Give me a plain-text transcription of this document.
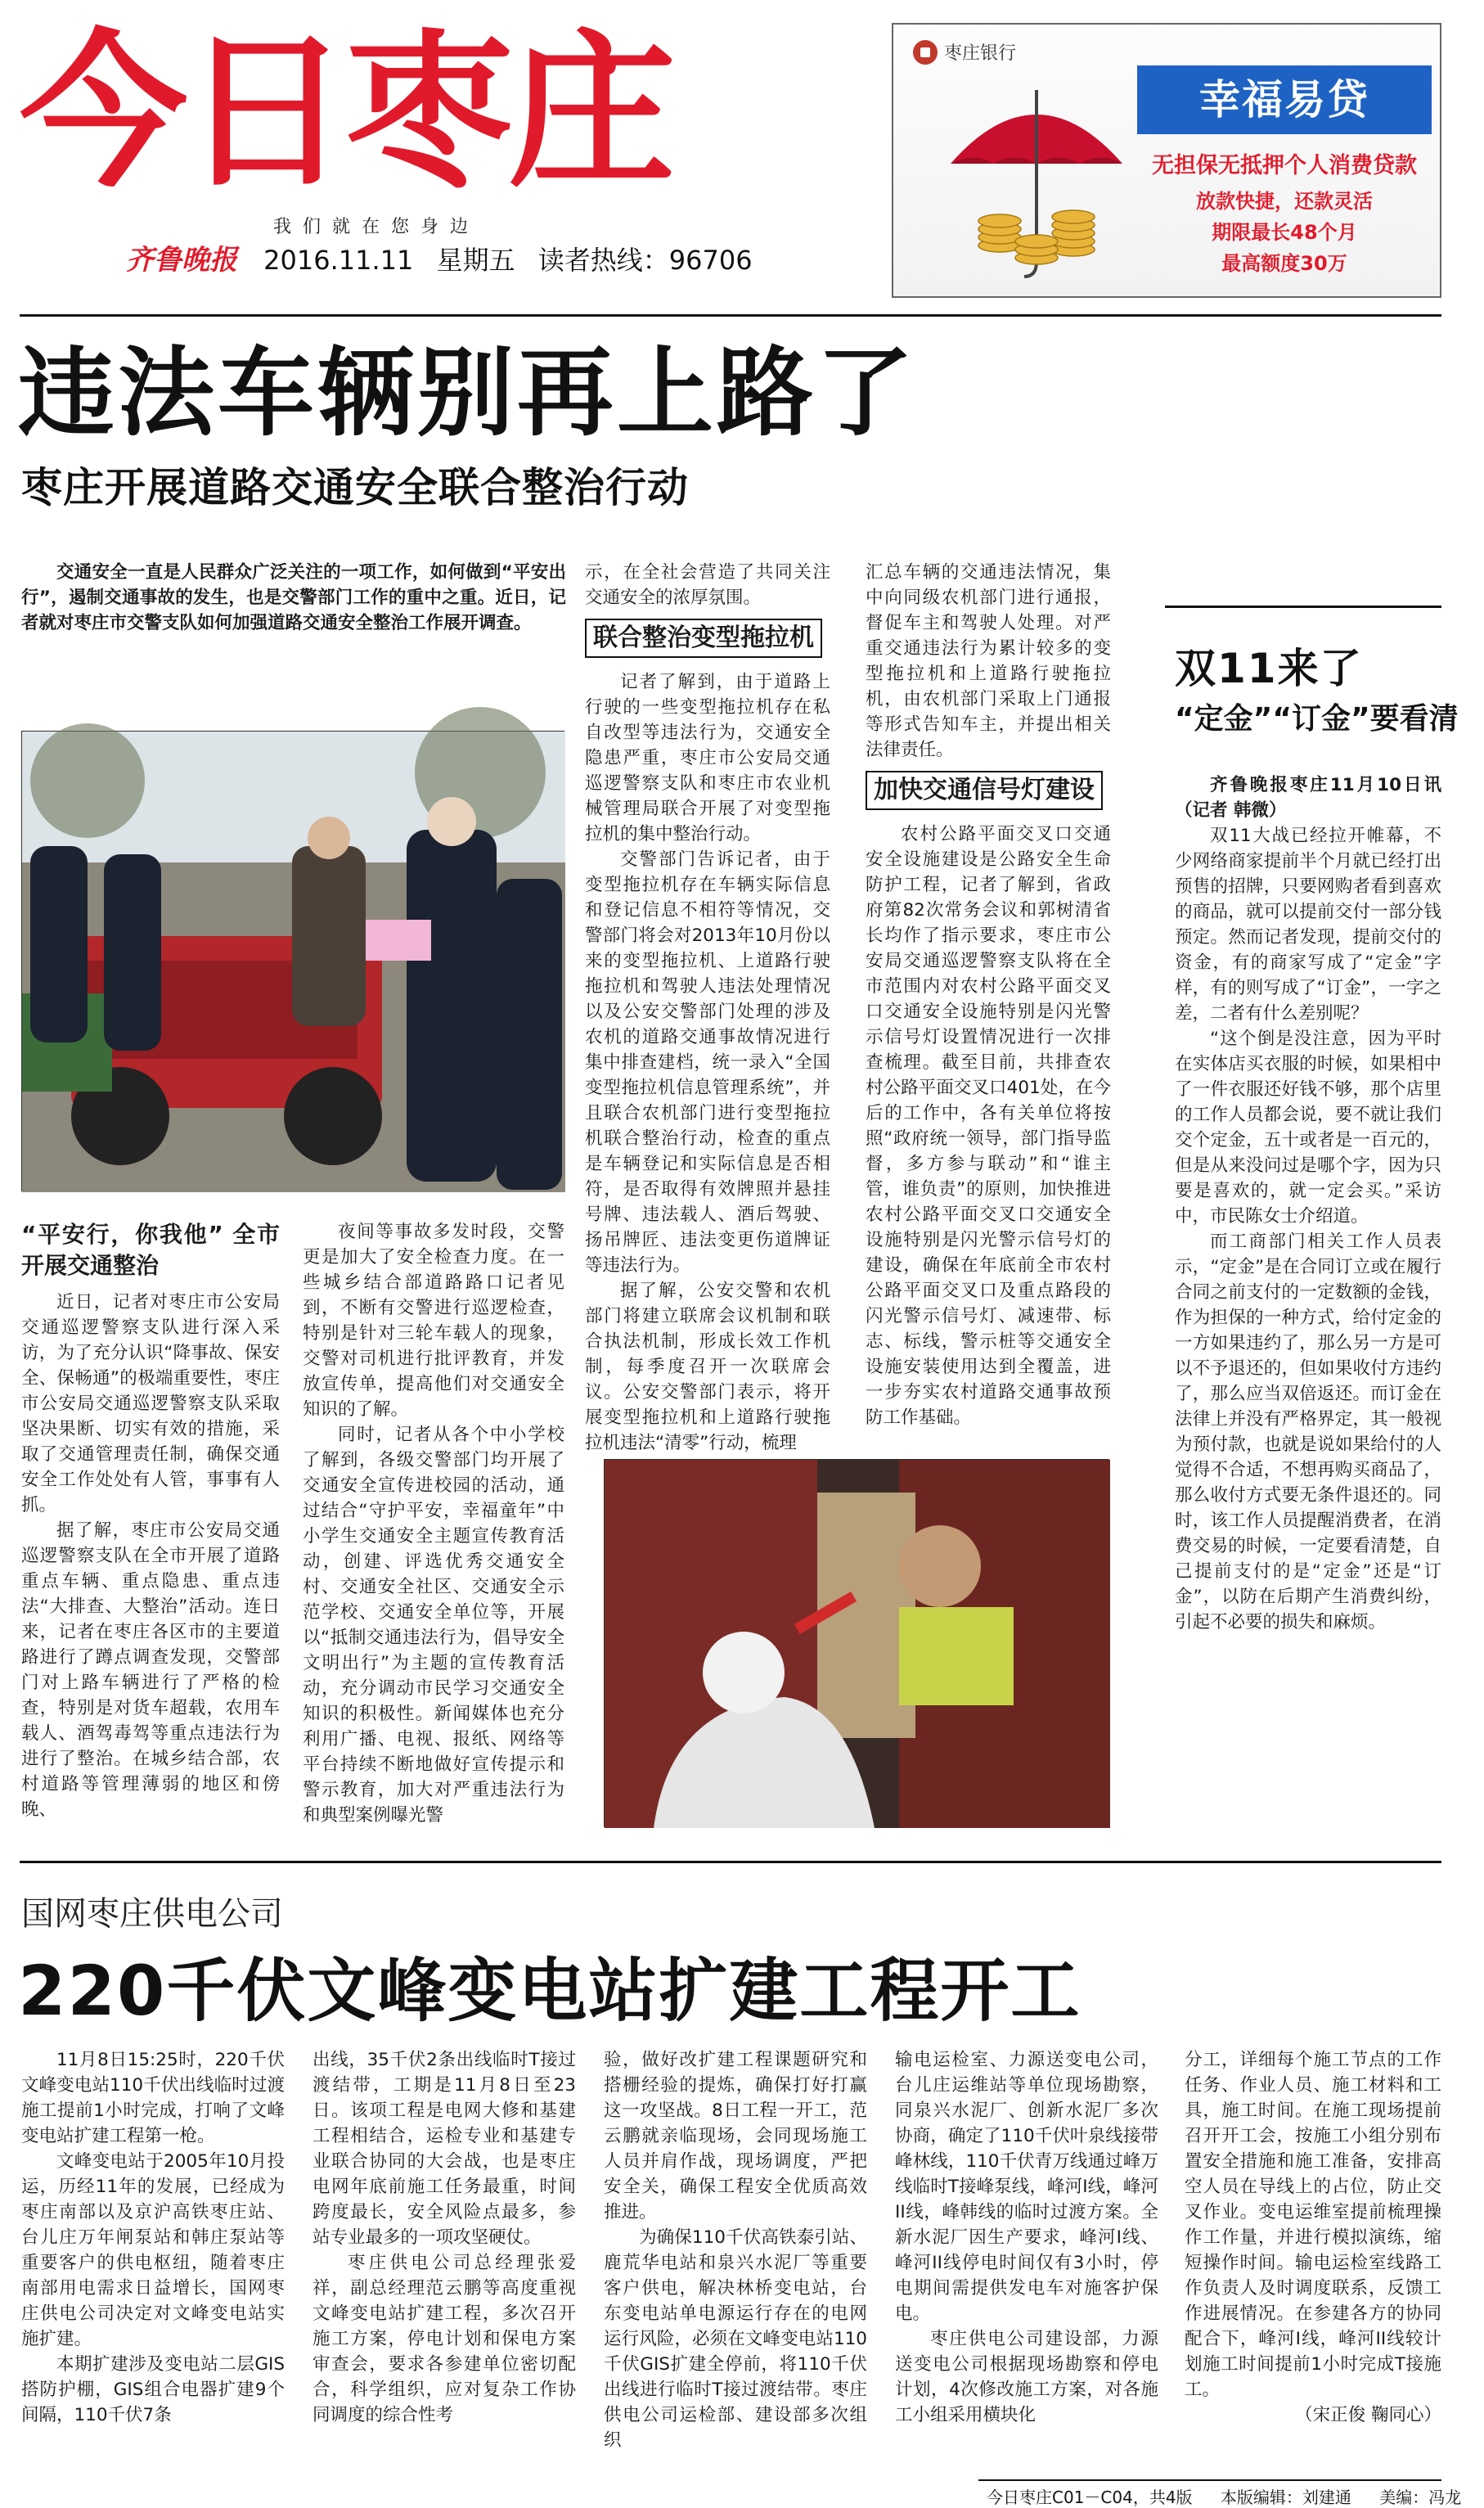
今日枣庄
我们就在您身边
齐鲁晚报 2016.11.11 星期五 读者热线：96706
枣庄银行
幸福易贷
无担保无抵押个人消费贷款
放款快捷，还款灵活
期限最长48个月
最高额度30万
违法车辆别再上路了
枣庄开展道路交通安全联合整治行动

交通安全一直是人民群众广泛关注的一项工作，如何做到“平安出行”，遏制交通事故的发生，也是交警部门工作的重中之重。近日，记者就对枣庄市交警支队如何加强道路交通安全整治工作展开调查。

“平安行，你我他” 全市开展交通整治

近日，记者对枣庄市公安局交通巡逻警察支队进行深入采访，为了充分认识“降事故、保安全、保畅通”的极端重要性，枣庄市公安局交通巡逻警察支队采取坚决果断、切实有效的措施，采取了交通管理责任制，确保交通安全工作处处有人管，事事有人抓。

据了解，枣庄市公安局交通巡逻警察支队在全市开展了道路重点车辆、重点隐患、重点违法“大排查、大整治”活动。连日来，记者在枣庄各区市的主要道路进行了蹲点调查发现，交警部门对上路车辆进行了严格的检查，特别是对货车超载，农用车载人、酒驾毒驾等重点违法行为进行了整治。在城乡结合部，农村道路等管理薄弱的地区和傍晚、

夜间等事故多发时段，交警更是加大了安全检查力度。在一些城乡结合部道路路口记者见到，不断有交警进行巡逻检查，特别是针对三轮车载人的现象，交警对司机进行批评教育，并发放宣传单，提高他们对交通安全知识的了解。

同时，记者从各个中小学校了解到，各级交警部门均开展了交通安全宣传进校园的活动，通过结合“守护平安，幸福童年”中小学生交通安全主题宣传教育活动，创建、评选优秀交通安全村、交通安全社区、交通安全示范学校、交通安全单位等，开展以“抵制交通违法行为，倡导安全文明出行”为主题的宣传教育活动，充分调动市民学习交通安全知识的积极性。新闻媒体也充分利用广播、电视、报纸、网络等平台持续不断地做好宣传提示和警示教育，加大对严重违法行为和典型案例曝光警

示，在全社会营造了共同关注交通安全的浓厚氛围。

联合整治变型拖拉机

记者了解到，由于道路上行驶的一些变型拖拉机存在私自改型等违法行为，交通安全隐患严重，枣庄市公安局交通巡逻警察支队和枣庄市农业机械管理局联合开展了对变型拖拉机的集中整治行动。

交警部门告诉记者，由于变型拖拉机存在车辆实际信息和登记信息不相符等情况，交警部门将会对2013年10月份以来的变型拖拉机、上道路行驶拖拉机和驾驶人违法处理情况以及公安交警部门处理的涉及农机的道路交通事故情况进行集中排查建档，统一录入“全国变型拖拉机信息管理系统”，并且联合农机部门进行变型拖拉机联合整治行动，检查的重点是车辆登记和实际信息是否相符，是否取得有效牌照并悬挂号牌、违法载人、酒后驾驶、扬吊牌匠、违法变更伤道牌证等违法行为。

据了解，公安交警和农机部门将建立联席会议机制和联合执法机制，形成长效工作机制，每季度召开一次联席会议。公安交警部门表示，将开展变型拖拉机和上道路行驶拖拉机违法“清零”行动，梳理

汇总车辆的交通违法情况，集中向同级农机部门进行通报，督促车主和驾驶人处理。对严重交通违法行为累计较多的变型拖拉机和上道路行驶拖拉机，由农机部门采取上门通报等形式告知车主，并提出相关法律责任。

加快交通信号灯建设

农村公路平面交叉口交通安全设施建设是公路安全生命防护工程，记者了解到，省政府第82次常务会议和郭树清省长均作了指示要求，枣庄市公安局交通巡逻警察支队将在全市范围内对农村公路平面交叉口交通安全设施特别是闪光警示信号灯设置情况进行一次排查梳理。截至目前，共排查农村公路平面交叉口401处，在今后的工作中，各有关单位将按照“政府统一领导，部门指导监督，多方参与联动”和“谁主管，谁负责”的原则，加快推进农村公路平面交叉口交通安全设施特别是闪光警示信号灯的建设，确保在年底前全市农村公路平面交叉口及重点路段的闪光警示信号灯、减速带、标志、标线，警示桩等交通安全设施安装使用达到全覆盖，进一步夯实农村道路交通事故预防工作基础。

双11来了
“定金”“订金”要看清

齐鲁晚报枣庄11月10日讯（记者 韩微）

双11大战已经拉开帷幕，不少网络商家提前半个月就已经打出预售的招牌，只要网购者看到喜欢的商品，就可以提前交付一部分钱预定。然而记者发现，提前交付的资金，有的商家写成了“定金”字样，有的则写成了“订金”，一字之差，二者有什么差别呢？

“这个倒是没注意，因为平时在实体店买衣服的时候，如果相中了一件衣服还好钱不够，那个店里的工作人员都会说，要不就让我们交个定金，五十或者是一百元的，但是从来没问过是哪个字，因为只要是喜欢的，就一定会买。”采访中，市民陈女士介绍道。

而工商部门相关工作人员表示，“定金”是在合同订立或在履行合同之前支付的一定数额的金钱，作为担保的一种方式，给付定金的一方如果违约了，那么另一方是可以不予退还的，但如果收付方违约了，那么应当双倍返还。而订金在法律上并没有严格界定，其一般视为预付款，也就是说如果给付的人觉得不合适，不想再购买商品了，那么收付方式要无条件退还的。同时，该工作人员提醒消费者，在消费交易的时候，一定要看清楚，自己提前支付的是“定金”还是“订金”，以防在后期产生消费纠纷，引起不必要的损失和麻烦。

国网枣庄供电公司
220千伏文峰变电站扩建工程开工

11月8日15:25时，220千伏文峰变电站110千伏出线临时过渡施工提前1小时完成，打响了文峰变电站扩建工程第一枪。

文峰变电站于2005年10月投运，历经11年的发展，已经成为枣庄南部以及京沪高铁枣庄站、台儿庄万年闸泵站和韩庄泵站等重要客户的供电枢纽，随着枣庄南部用电需求日益增长，国网枣庄供电公司决定对文峰变电站实施扩建。

本期扩建涉及变电站二层GIS搭防护棚，GIS组合电器扩建9个间隔，110千伏7条

出线，35千伏2条出线临时T接过渡结带，工期是11月8日至23日。该项工程是电网大修和基建工程相结合，运检专业和基建专业联合协同的大会战，也是枣庄电网年底前施工任务最重，时间跨度最长，安全风险点最多，参站专业最多的一项攻坚硬仗。

枣庄供电公司总经理张爱祥，副总经理范云鹏等高度重视文峰变电站扩建工程，多次召开施工方案，停电计划和保电方案审查会，要求各参建单位密切配合，科学组织，应对复杂工作协同调度的综合性考

验，做好改扩建工程课题研究和搭栅经验的提炼，确保打好打赢这一攻坚战。8日工程一开工，范云鹏就亲临现场，会同现场施工人员并肩作战，现场调度，严把安全关，确保工程安全优质高效推进。

为确保110千伏高铁泰引站、鹿荒华电站和泉兴水泥厂等重要客户供电，解决林桥变电站，台东变电站单电源运行存在的电网运行风险，必须在文峰变电站110千伏GIS扩建全停前，将110千伏出线进行临时T接过渡结带。枣庄供电公司运检部、建设部多次组织

输电运检室、力源送变电公司，台儿庄运维站等单位现场勘察，同泉兴水泥厂、创新水泥厂多次协商，确定了110千伏叶泉线接带峰林线，110千伏青万线通过峰万线临时T接峰泵线，峰河I线，峰河II线，峰韩线的临时过渡方案。全新水泥厂因生产要求，峰河I线、峰河II线停电时间仅有3小时，停电期间需提供发电车对施客护保电。

枣庄供电公司建设部，力源送变电公司根据现场勘察和停电计划，4次修改施工方案，对各施工小组采用横块化

分工，详细每个施工节点的工作任务、作业人员、施工材料和工具，施工时间。在施工现场提前召开开工会，按施工小组分别布置安全措施和施工准备，安排高空人员在导线上的占位，防止交叉作业。变电运维室提前梳理操作工作量，并进行模拟演练，缩短操作时间。输电运检室线路工作负责人及时调度联系，反馈工作进展情况。在参建各方的协同配合下，峰河I线，峰河II线较计划施工时间提前1小时完成T接施工。

（宋正俊 鞠同心）

今日枣庄C01－C04，共4版 本版编辑：刘建通 美编：冯龙
